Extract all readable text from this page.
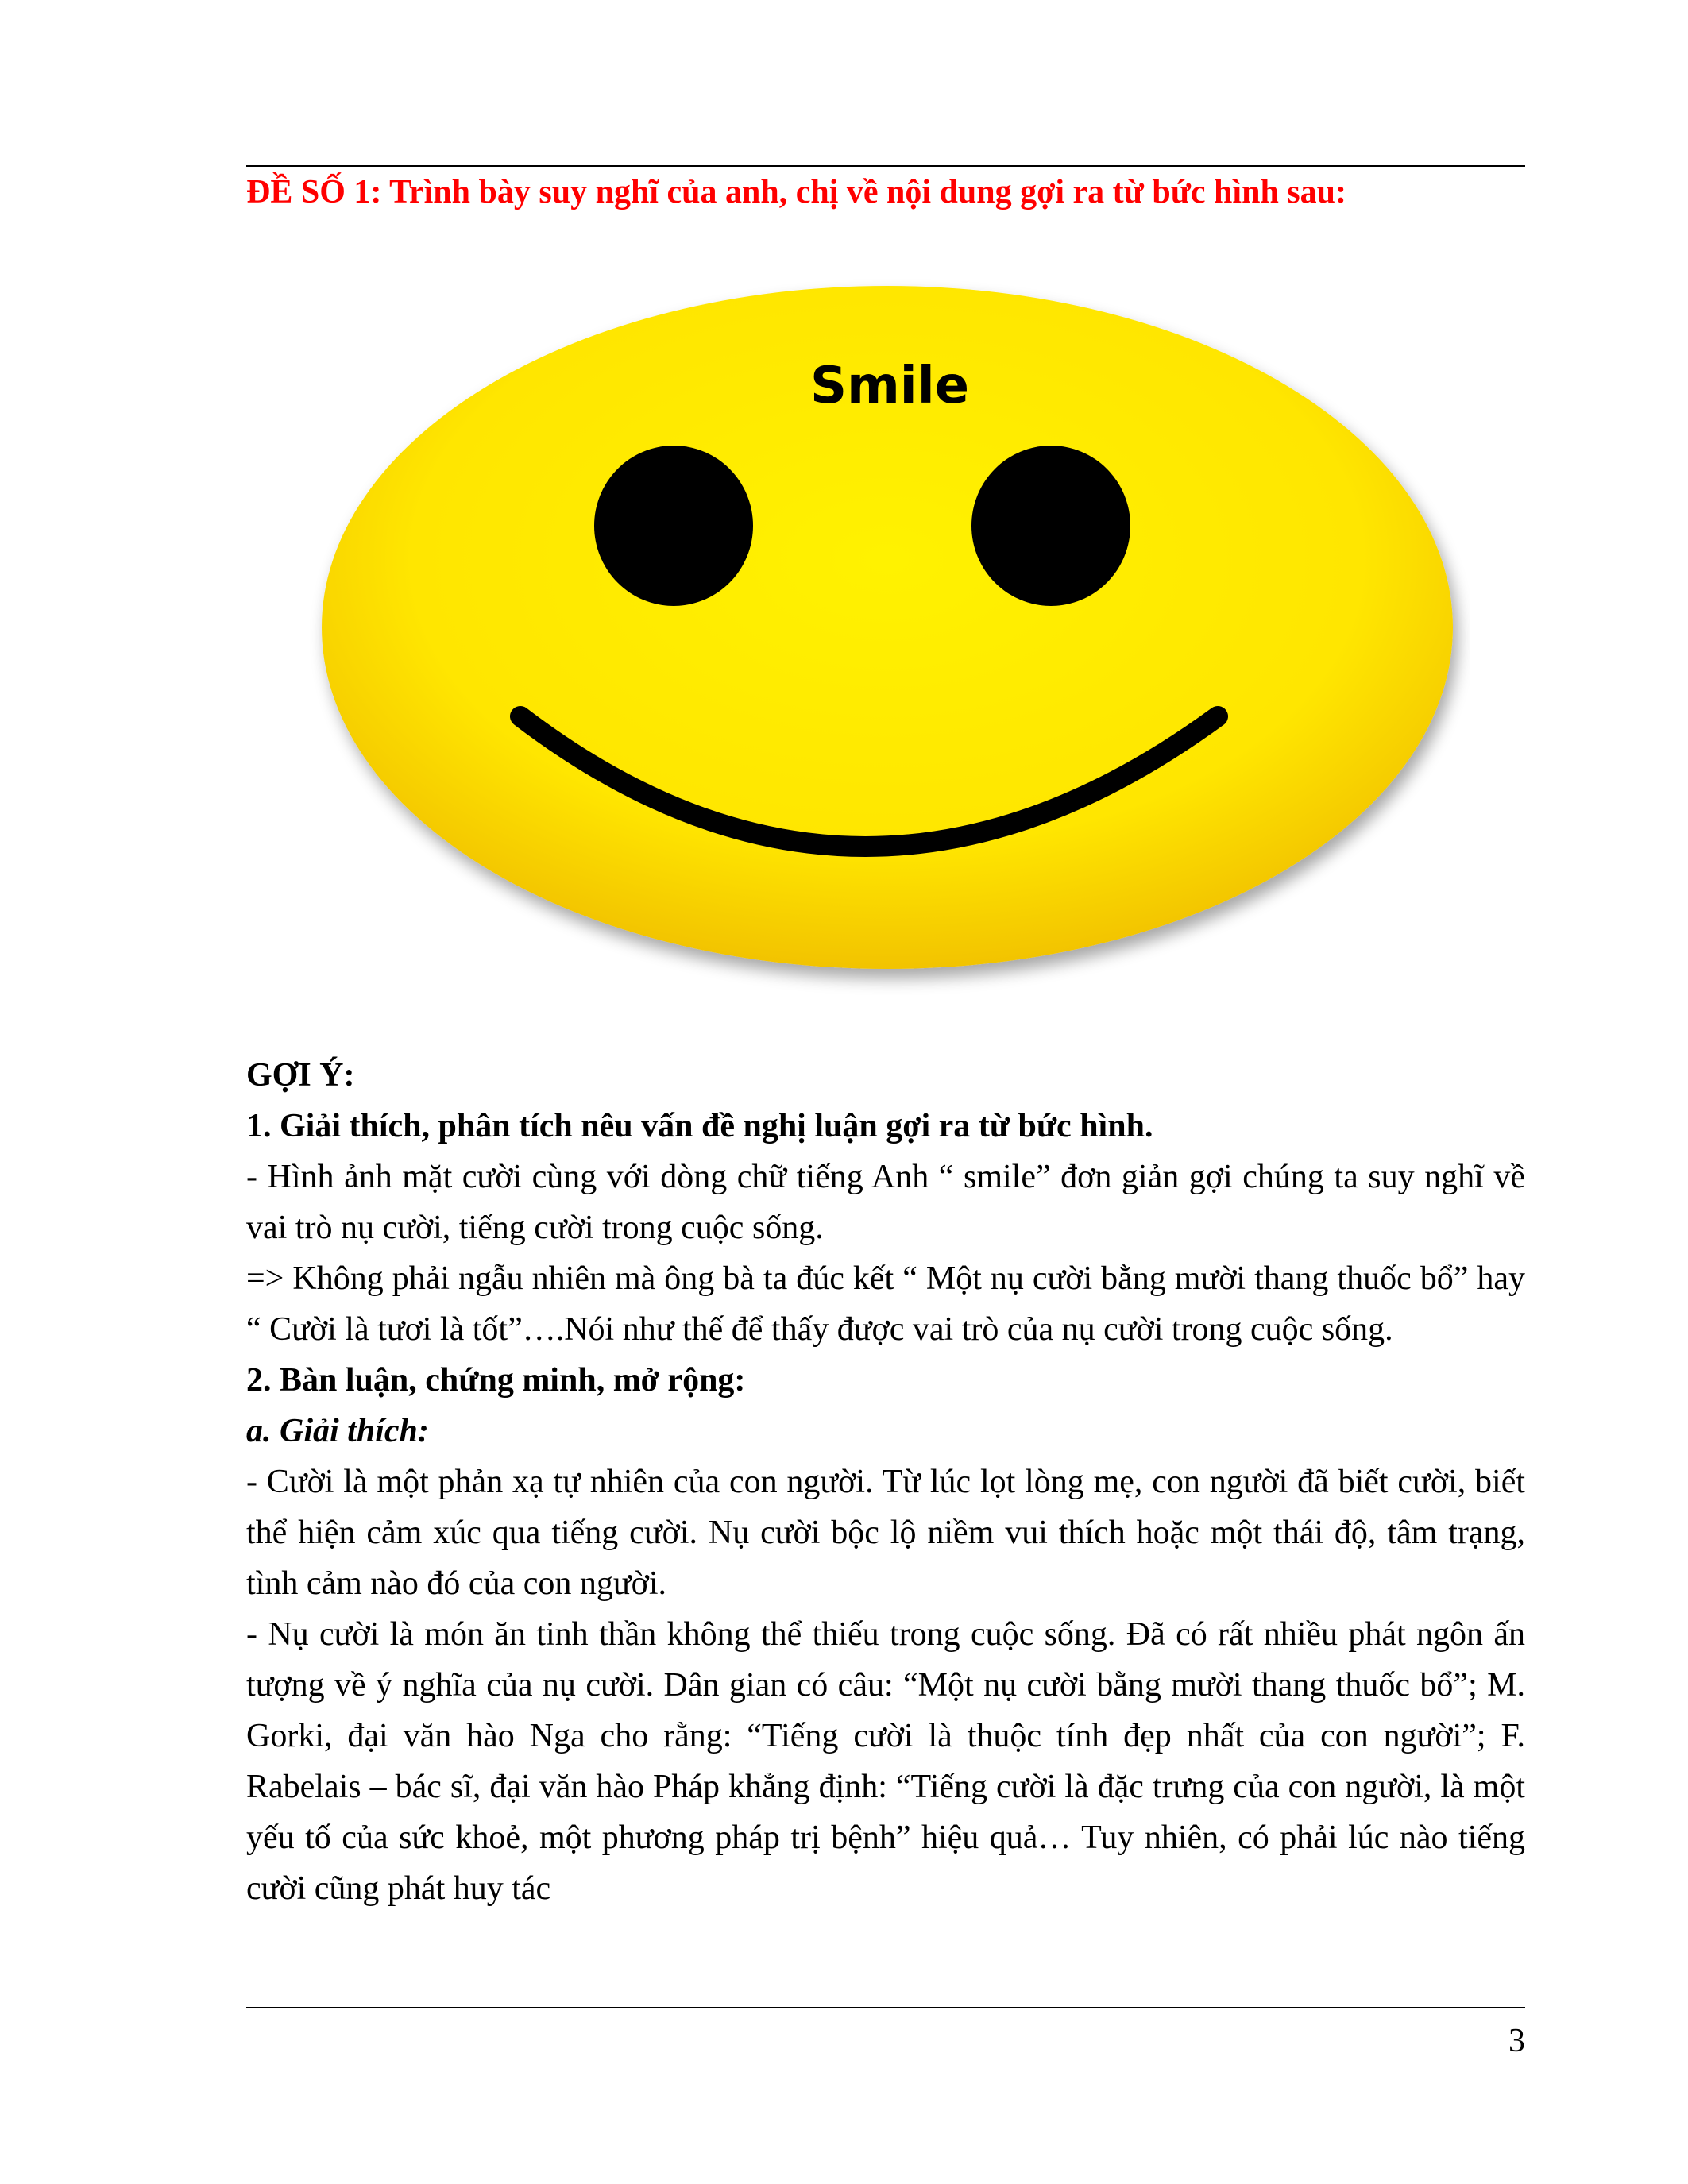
ĐỀ SỐ 1: Trình bày suy nghĩ của anh, chị về nội dung gợi ra từ bức hình sau:
Smile

GỢI Ý:

1. Giải thích, phân tích nêu vấn đề nghị luận gợi ra từ bức hình.

- Hình ảnh mặt cười cùng với dòng chữ tiếng Anh “ smile” đơn giản gợi chúng ta suy nghĩ về vai trò nụ cười, tiếng cười trong cuộc sống.

=> Không phải ngẫu nhiên mà ông bà ta đúc kết “ Một nụ cười bằng mười thang thuốc bổ” hay “ Cười là tươi là tốt”….Nói như thế để thấy được vai trò của nụ cười trong cuộc sống.

2. Bàn luận, chứng minh, mở rộng:

a. Giải thích:

- Cười là một phản xạ tự nhiên của con người. Từ lúc lọt lòng mẹ, con người đã biết cười, biết thể hiện cảm xúc qua tiếng cười. Nụ cười bộc lộ niềm vui thích hoặc một thái độ, tâm trạng, tình cảm nào đó của con người.

- Nụ cười là món ăn tinh thần không thể thiếu trong cuộc sống. Đã có rất nhiều phát ngôn ấn tượng về ý nghĩa của nụ cười. Dân gian có câu: “Một nụ cười bằng mười thang thuốc bổ”; M. Gorki, đại văn hào Nga cho rằng: “Tiếng cười là thuộc tính đẹp nhất của con người”; F. Rabelais – bác sĩ, đại văn hào Pháp khẳng định: “Tiếng cười là đặc trưng của con người, là một yếu tố của sức khoẻ, một phương pháp trị bệnh” hiệu quả… Tuy nhiên, có phải lúc nào tiếng cười cũng phát huy tác

3
